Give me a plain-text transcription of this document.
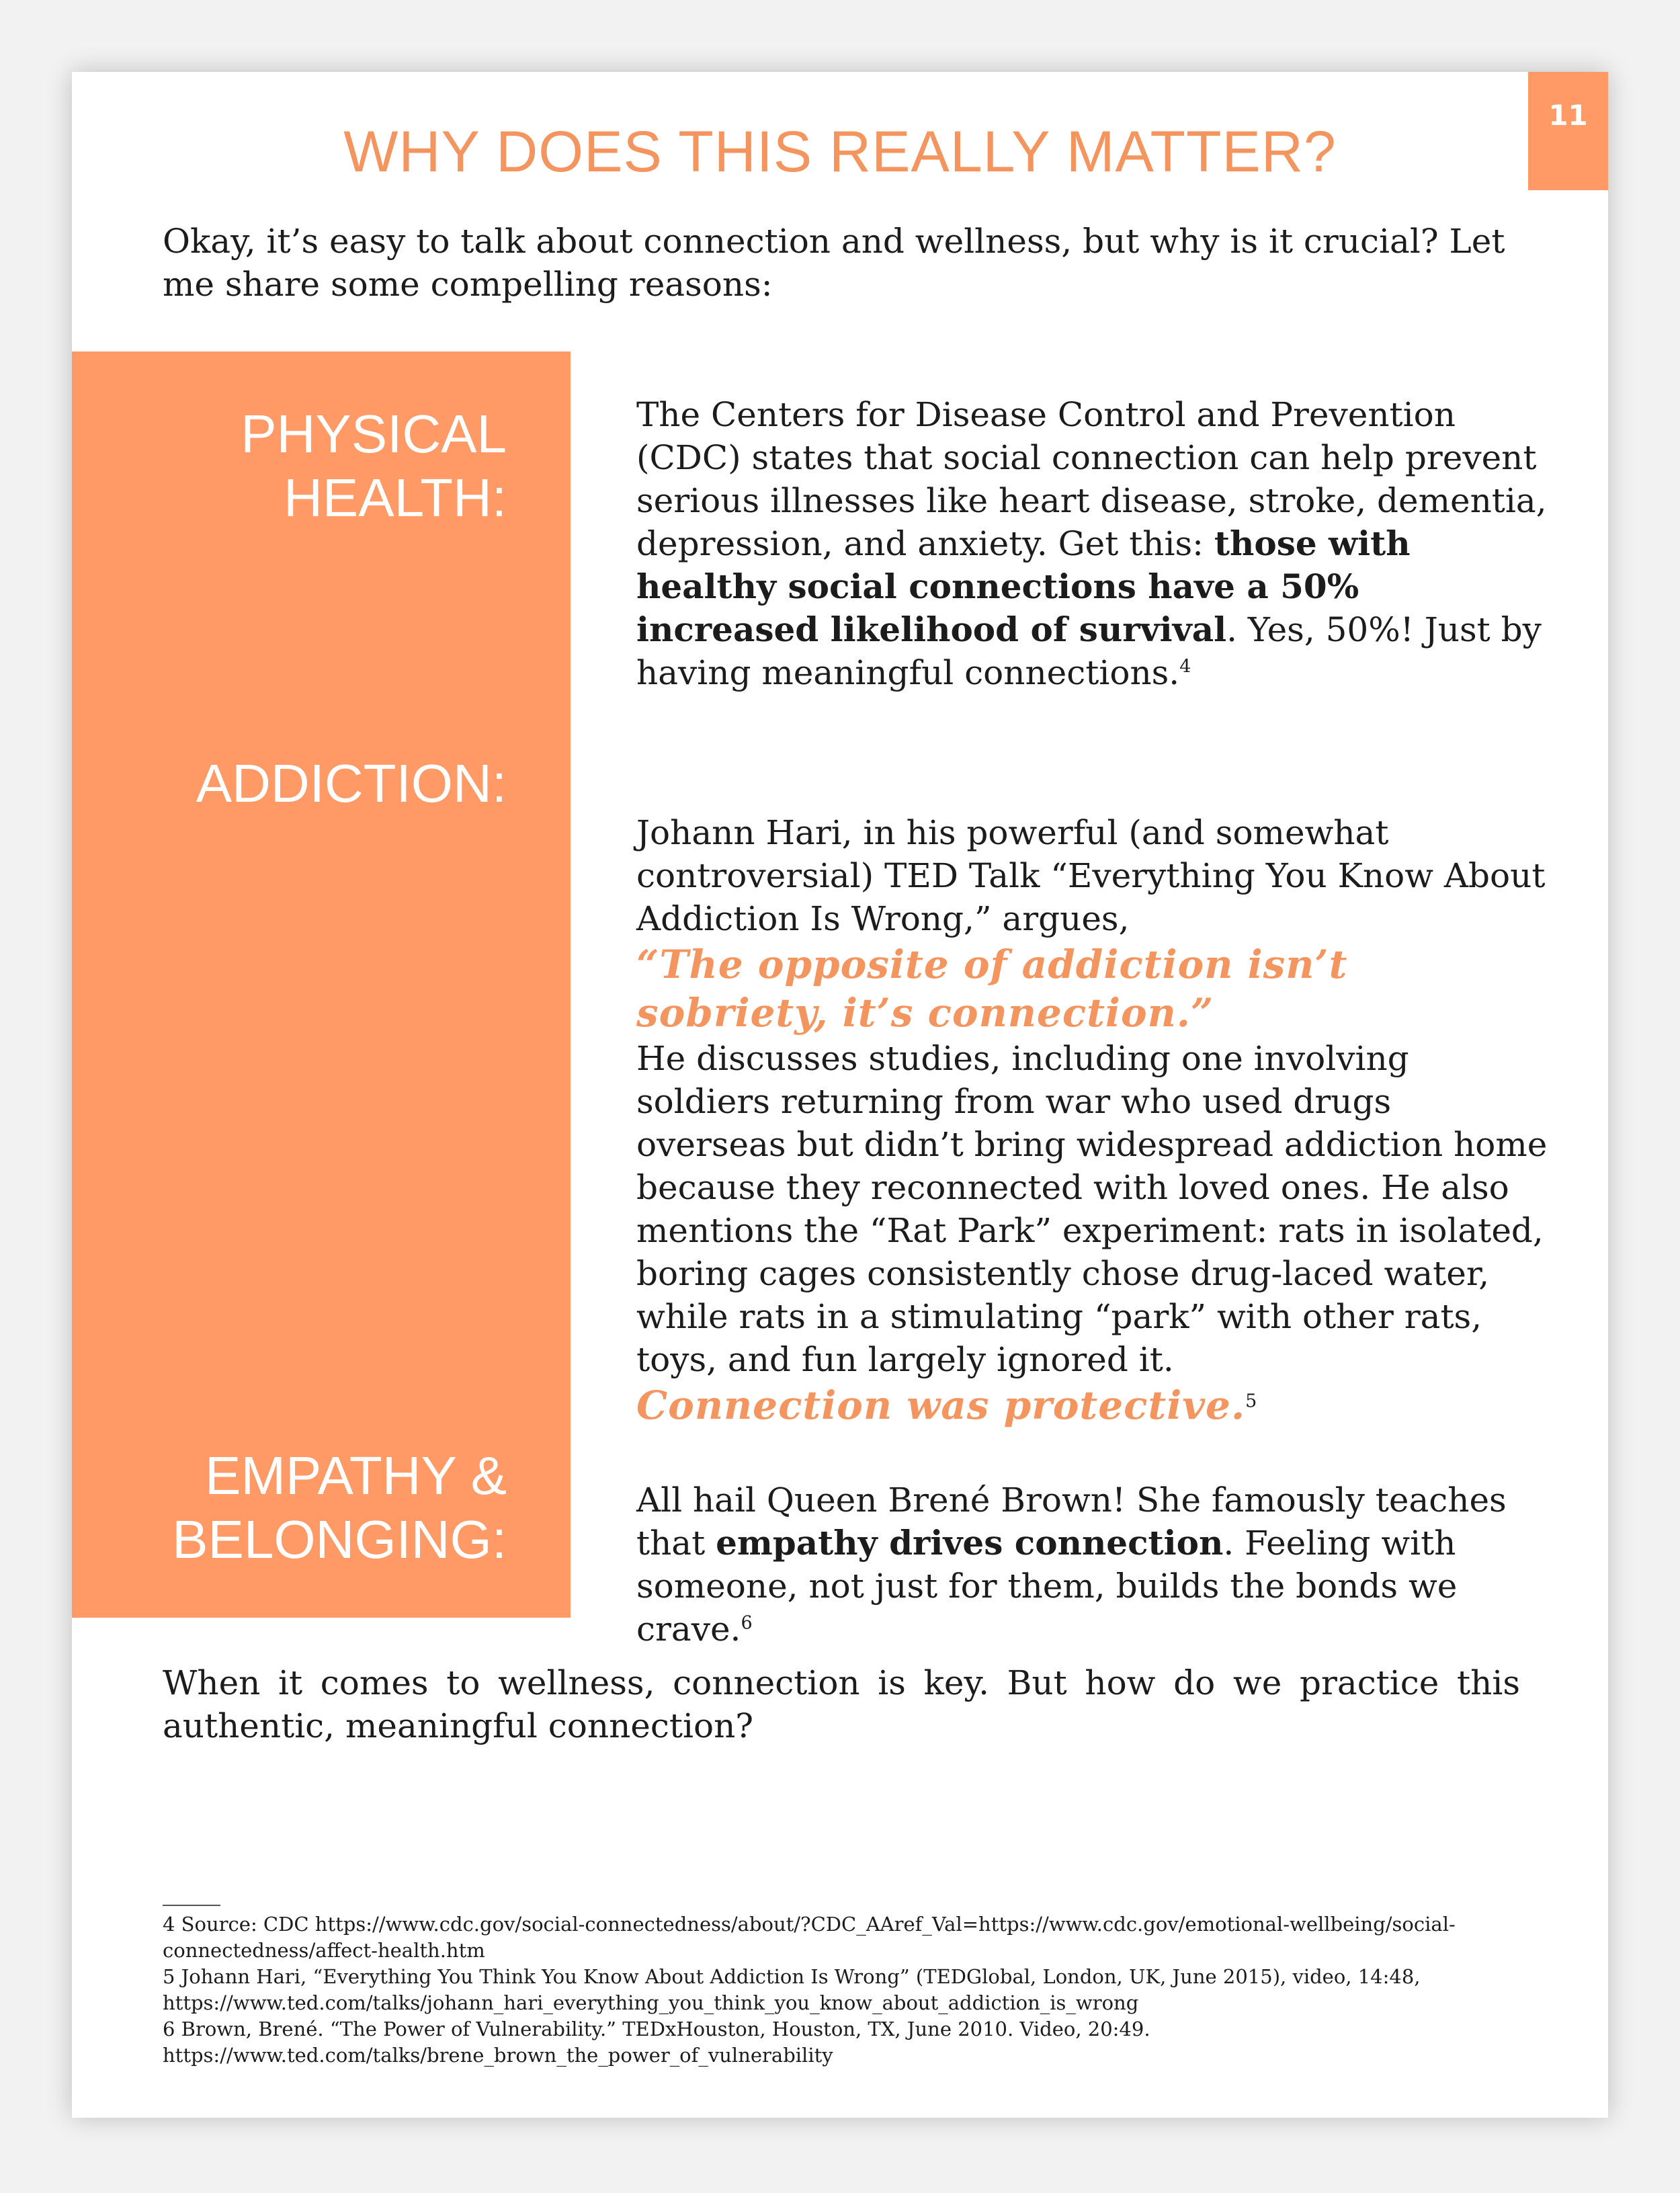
11
WHY DOES THIS REALLY MATTER?
Okay, it’s easy to talk about connection and wellness, but why is it crucial? Let me share some compelling reasons:
PHYSICAL
HEALTH:
ADDICTION:
EMPATHY &
BELONGING:

The Centers for Disease Control and Prevention (CDC) states that social connection can help prevent serious illnesses like heart disease, stroke, dementia, depression, and anxiety. Get this: those with healthy social connections have a 50% increased likelihood of survival. Yes, 50%! Just by having meaningful connections.$^4$

Johann Hari, in his powerful (and somewhat controversial) TED Talk “Everything You Know About Addiction Is Wrong,” argues,

“The opposite of addiction isn’t sobriety, it’s connection.”

He discusses studies, including one involving soldiers returning from war who used drugs overseas but didn’t bring widespread addiction home because they reconnected with loved ones. He also mentions the “Rat Park” experiment: rats in isolated, boring cages consistently chose drug-laced water, while rats in a stimulating “park” with other rats, toys, and fun largely ignored it.

Connection was protective.$^5$

All hail Queen Brené Brown! She famously teaches that empathy drives connection. Feeling with someone, not just for them, builds the bonds we crave.$^6$

When it comes to wellness, connection is key. But how do we practice this authentic, meaningful connection?

4 Source: CDC https://www.cdc.gov/social-connectedness/about/?CDC_AAref_Val=https://www.cdc.gov/emotional-wellbeing/social-connectedness/affect-health.htm

5 Johann Hari, “Everything You Think You Know About Addiction Is Wrong” (TEDGlobal, London, UK, June 2015), video, 14:48, https://www.ted.com/talks/johann_hari_everything_you_think_you_know_about_addiction_is_wrong

6 Brown, Brené. “The Power of Vulnerability.” TEDxHouston, Houston, TX, June 2010. Video, 20:49. https://www.ted.com/talks/brene_brown_the_power_of_vulnerability
